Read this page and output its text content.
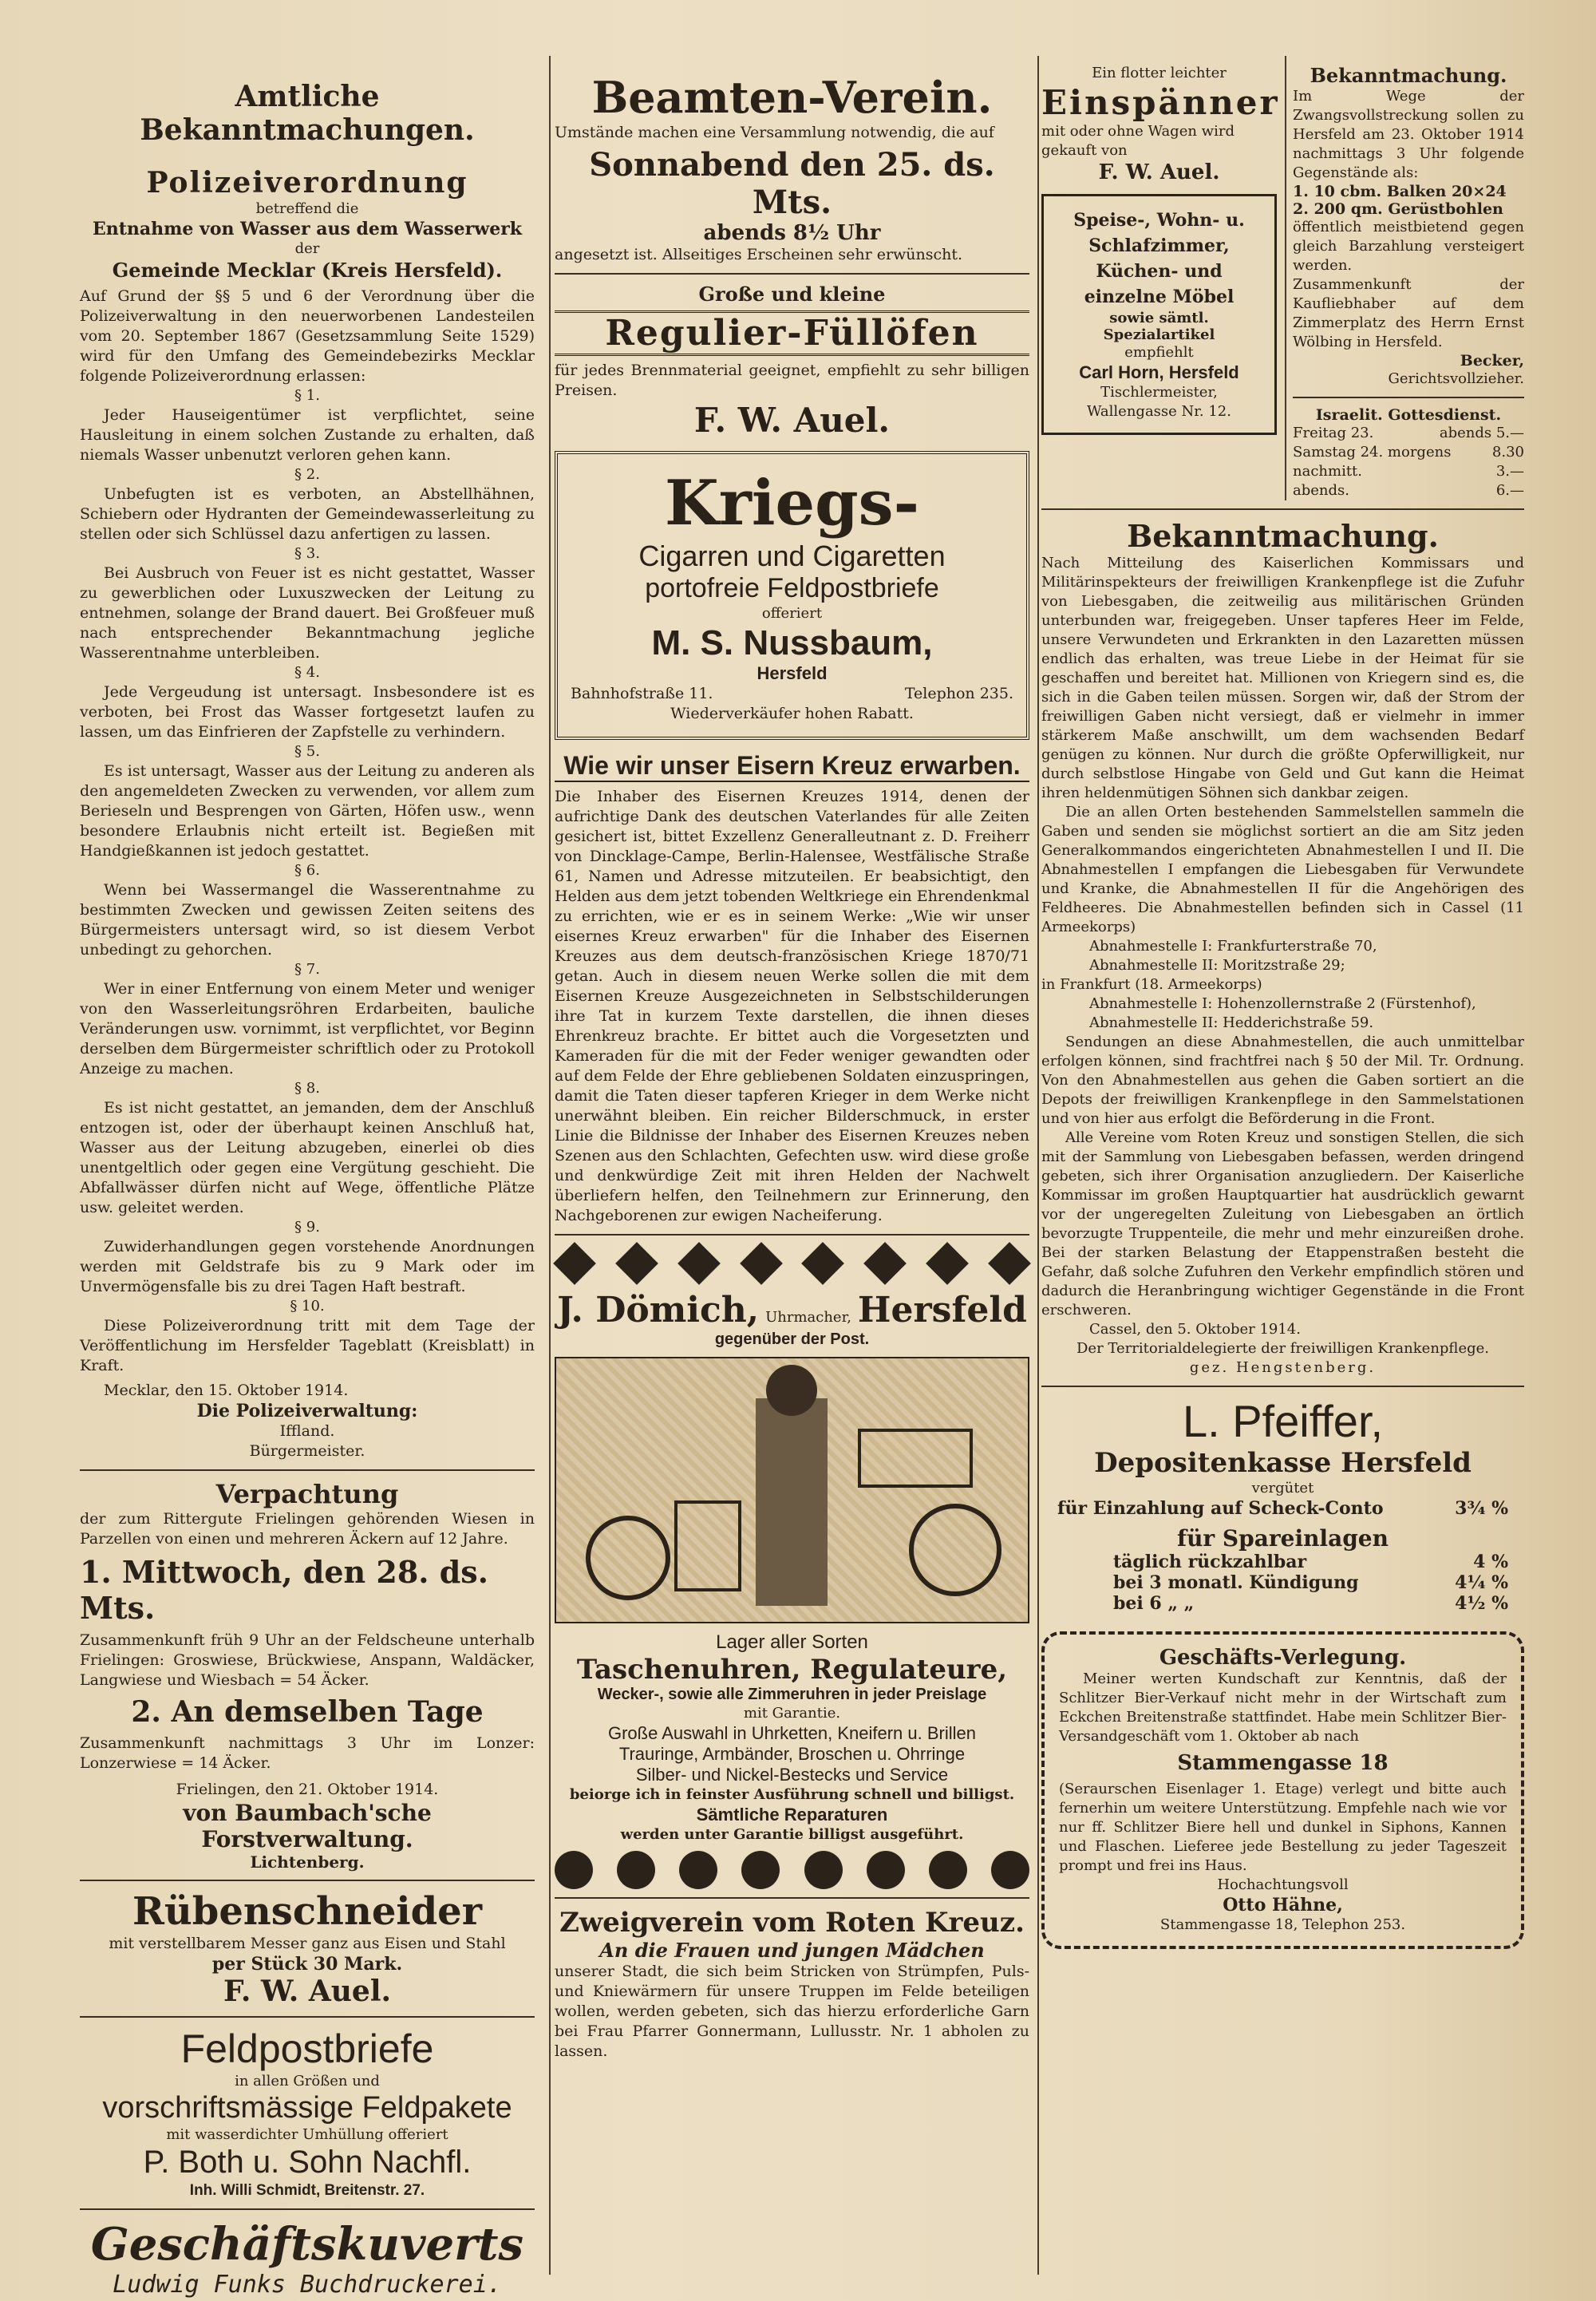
Amtliche Bekanntmachungen.
Polizeiverordnung
betreffend die
Entnahme von Wasser aus dem Wasserwerk
der
Gemeinde Mecklar (Kreis Hersfeld).

Auf Grund der §§ 5 und 6 der Verordnung über die Polizeiverwaltung in den neuerworbenen Landesteilen vom 20. September 1867 (Gesetzsammlung Seite 1529) wird für den Umfang des Gemeindebezirks Mecklar folgende Polizeiverordnung erlassen:

§ 1.

Jeder Hauseigentümer ist verpflichtet, seine Hausleitung in einem solchen Zustande zu erhalten, daß niemals Wasser unbenutzt verloren gehen kann.

§ 2.

Unbefugten ist es verboten, an Abstellhähnen, Schiebern oder Hydranten der Gemeindewasserleitung zu stellen oder sich Schlüssel dazu anfertigen zu lassen.

§ 3.

Bei Ausbruch von Feuer ist es nicht gestattet, Wasser zu gewerblichen oder Luxuszwecken der Leitung zu entnehmen, solange der Brand dauert. Bei Großfeuer muß nach entsprechender Bekanntmachung jegliche Wasserentnahme unterbleiben.

§ 4.

Jede Vergeudung ist untersagt. Insbesondere ist es verboten, bei Frost das Wasser fortgesetzt laufen zu lassen, um das Einfrieren der Zapfstelle zu verhindern.

§ 5.

Es ist untersagt, Wasser aus der Leitung zu anderen als den angemeldeten Zwecken zu verwenden, vor allem zum Berieseln und Besprengen von Gärten, Höfen usw., wenn besondere Erlaubnis nicht erteilt ist. Begießen mit Handgießkannen ist jedoch gestattet.

§ 6.

Wenn bei Wassermangel die Wasserentnahme zu bestimmten Zwecken und gewissen Zeiten seitens des Bürgermeisters untersagt wird, so ist diesem Verbot unbedingt zu gehorchen.

§ 7.

Wer in einer Entfernung von einem Meter und weniger von den Wasserleitungsröhren Erdarbeiten, bauliche Veränderungen usw. vornimmt, ist verpflichtet, vor Beginn derselben dem Bürgermeister schriftlich oder zu Protokoll Anzeige zu machen.

§ 8.

Es ist nicht gestattet, an jemanden, dem der Anschluß entzogen ist, oder der überhaupt keinen Anschluß hat, Wasser aus der Leitung abzugeben, einerlei ob dies unentgeltlich oder gegen eine Vergütung geschieht. Die Abfallwässer dürfen nicht auf Wege, öffentliche Plätze usw. geleitet werden.

§ 9.

Zuwiderhandlungen gegen vorstehende Anordnungen werden mit Geldstrafe bis zu 9 Mark oder im Unvermögensfalle bis zu drei Tagen Haft bestraft.

§ 10.

Diese Polizeiverordnung tritt mit dem Tage der Veröffentlichung im Hersfelder Tageblatt (Kreisblatt) in Kraft.

Mecklar, den 15. Oktober 1914.
Die Polizeiverwaltung:
Iffland.
Bürgermeister.
Verpachtung

der zum Rittergute Frielingen gehörenden Wiesen in Parzellen von einen und mehreren Äckern auf 12 Jahre.

1. Mittwoch, den 28. ds. Mts.

Zusammenkunft früh 9 Uhr an der Feldscheune unterhalb Frielingen: Groswiese, Brückwiese, Anspann, Waldäcker, Langwiese und Wiesbach = 54 Äcker.

2. An demselben Tage

Zusammenkunft nachmittags 3 Uhr im Lonzer: Lonzerwiese = 14 Äcker.

Frielingen, den 21. Oktober 1914.
von Baumbach'sche Forstverwaltung.
Lichtenberg.
Rübenschneider
mit verstellbarem Messer ganz aus Eisen und Stahl
per Stück 30 Mark.
F. W. Auel.
Feldpostbriefe
in allen Größen und
vorschriftsmässige Feldpakete
mit wasserdichter Umhüllung offeriert
P. Both u. Sohn Nachfl.
Inh. Willi Schmidt, Breitenstr. 27.
Geschäftskuverts
Ludwig Funks Buchdruckerei.
Beamten-Verein.

Umstände machen eine Versammlung notwendig, die auf

Sonnabend den 25. ds. Mts.
abends 8½ Uhr

angesetzt ist. Allseitiges Erscheinen sehr erwünscht.

Große und kleine
Regulier-Füllöfen

für jedes Brennmaterial geeignet, empfiehlt zu sehr billigen Preisen.

F. W. Auel.
Kriegs-
Cigarren und Cigaretten
portofreie Feldpostbriefe
offeriert
M. S. Nussbaum,
Hersfeld
Bahnhofstraße 11.	Telephon 235.
Wiederverkäufer hohen Rabatt.
Wie wir unser Eisern Kreuz erwarben.

Die Inhaber des Eisernen Kreuzes 1914, denen der aufrichtige Dank des deutschen Vaterlandes für alle Zeiten gesichert ist, bittet Exzellenz Generalleutnant z. D. Freiherr von Dincklage-Campe, Berlin-Halensee, Westfälische Straße 61, Namen und Adresse mitzuteilen. Er beabsichtigt, den Helden aus dem jetzt tobenden Weltkriege ein Ehrendenkmal zu errichten, wie er es in seinem Werke: „Wie wir unser eisernes Kreuz erwarben" für die Inhaber des Eisernen Kreuzes aus dem deutsch-französischen Kriege 1870/71 getan. Auch in diesem neuen Werke sollen die mit dem Eisernen Kreuze Ausgezeichneten in Selbstschilderungen ihre Tat in kurzem Texte darstellen, die ihnen dieses Ehrenkreuz brachte. Er bittet auch die Vorgesetzten und Kameraden für die mit der Feder weniger gewandten oder auf dem Felde der Ehre gebliebenen Soldaten einzuspringen, damit die Taten dieser tapferen Krieger in dem Werke nicht unerwähnt bleiben. Ein reicher Bilderschmuck, in erster Linie die Bildnisse der Inhaber des Eisernen Kreuzes neben Szenen aus den Schlachten, Gefechten usw. wird diese große und denkwürdige Zeit mit ihren Helden der Nachwelt überliefern helfen, den Teilnehmern zur Erinnerung, den Nachgeborenen zur ewigen Nacheiferung.

J. Dömich, Uhrmacher, Hersfeld
gegenüber der Post.
Lager aller Sorten
Taschenuhren, Regulateure,
Wecker-, sowie alle Zimmeruhren in jeder Preislage
mit Garantie.
Große Auswahl in Uhrketten, Kneifern u. Brillen
Trauringe, Armbänder, Broschen u. Ohrringe
Silber- und Nickel-Bestecks und Service
beiorge ich in feinster Ausführung schnell und billigst.
Sämtliche Reparaturen
werden unter Garantie billigst ausgeführt.
Zweigverein vom Roten Kreuz.
An die Frauen und jungen Mädchen

unserer Stadt, die sich beim Stricken von Strümpfen, Puls- und Kniewärmern für unsere Truppen im Felde beteiligen wollen, werden gebeten, sich das hierzu erforderliche Garn bei Frau Pfarrer Gonnermann, Lullusstr. Nr. 1 abholen zu lassen.

Ein flotter leichter
Einspänner

mit oder ohne Wagen wird gekauft von

F. W. Auel.
Speise-, Wohn- u. Schlafzimmer, Küchen- und einzelne Möbel
sowie sämtl. Spezialartikel
empfiehlt
Carl Horn, Hersfeld
Tischlermeister,
Wallengasse Nr. 12.
Bekanntmachung.

Im Wege der Zwangsvollstreckung sollen zu Hersfeld am 23. Oktober 1914 nachmittags 3 Uhr folgende Gegenstände als:

1. 10 cbm. Balken 20×24
2. 200 qm. Gerüstbohlen

öffentlich meistbietend gegen gleich Barzahlung versteigert werden.

Zusammenkunft der Kaufliebhaber auf dem Zimmerplatz des Herrn Ernst Wölbing in Hersfeld.

Becker,
Gerichtsvollzieher.
Israelit. Gottesdienst.
Freitag 23.	abends 5.—
Samstag 24. morgens	8.30
nachmitt.	3.—
abends.	6.—
Bekanntmachung.

Nach Mitteilung des Kaiserlichen Kommissars und Militärinspekteurs der freiwilligen Krankenpflege ist die Zufuhr von Liebesgaben, die zeitweilig aus militärischen Gründen unterbunden war, freigegeben. Unser tapferes Heer im Felde, unsere Verwundeten und Erkrankten in den Lazaretten müssen endlich das erhalten, was treue Liebe in der Heimat für sie geschaffen und bereitet hat. Millionen von Kriegern sind es, die sich in die Gaben teilen müssen. Sorgen wir, daß der Strom der freiwilligen Gaben nicht versiegt, daß er vielmehr in immer stärkerem Maße anschwillt, um dem wachsenden Bedarf genügen zu können. Nur durch die größte Opferwilligkeit, nur durch selbstlose Hingabe von Geld und Gut kann die Heimat ihren heldenmütigen Söhnen sich dankbar zeigen.

Die an allen Orten bestehenden Sammelstellen sammeln die Gaben und senden sie möglichst sortiert an die am Sitz jeden Generalkommandos eingerichteten Abnahmestellen I und II. Die Abnahmestellen I empfangen die Liebesgaben für Verwundete und Kranke, die Abnahmestellen II für die Angehörigen des Feldheeres. Die Abnahmestellen befinden sich in Cassel (11 Armeekorps)

Abnahmestelle I: Frankfurterstraße 70,
Abnahmestelle II: Moritzstraße 29;
in Frankfurt (18. Armeekorps)
Abnahmestelle I: Hohenzollernstraße 2 (Fürstenhof),
Abnahmestelle II: Hedderichstraße 59.

Sendungen an diese Abnahmestellen, die auch unmittelbar erfolgen können, sind frachtfrei nach § 50 der Mil. Tr. Ordnung. Von den Abnahmestellen aus gehen die Gaben sortiert an die Depots der freiwilligen Krankenpflege in den Sammelstationen und von hier aus erfolgt die Beförderung in die Front.

Alle Vereine vom Roten Kreuz und sonstigen Stellen, die sich mit der Sammlung von Liebesgaben befassen, werden dringend gebeten, sich ihrer Organisation anzugliedern. Der Kaiserliche Kommissar im großen Hauptquartier hat ausdrücklich gewarnt vor der ungeregelten Zuleitung von Liebesgaben an örtlich bevorzugte Truppenteile, die mehr und mehr einzureißen drohe. Bei der starken Belastung der Etappenstraßen besteht die Gefahr, daß solche Zufuhren den Verkehr empfindlich stören und dadurch die Heranbringung wichtiger Gegenstände in die Front erschweren.

Cassel, den 5. Oktober 1914.
Der Territorialdelegierte der freiwilligen Krankenpflege.
gez. Hengstenberg.
L. Pfeiffer,
Depositenkasse Hersfeld
vergütet
für Einzahlung auf Scheck-Conto	3¾ %
für Spareinlagen
täglich rückzahlbar	4 %
bei 3 monatl. Kündigung	4¼ %
bei 6 „ „	4½ %
Geschäfts-Verlegung.

Meiner werten Kundschaft zur Kenntnis, daß der Schlitzer Bier-Verkauf nicht mehr in der Wirtschaft zum Eckchen Breitenstraße stattfindet. Habe mein Schlitzer Bier-Versandgeschäft vom 1. Oktober ab nach

Stammengasse 18

(Seraurschen Eisenlager 1. Etage) verlegt und bitte auch fernerhin um weitere Unterstützung. Empfehle nach wie vor nur ff. Schlitzer Biere hell und dunkel in Siphons, Kannen und Flaschen. Lieferee jede Bestellung zu jeder Tageszeit prompt und frei ins Haus.

Hochachtungsvoll
Otto Hähne,
Stammengasse 18, Telephon 253.
